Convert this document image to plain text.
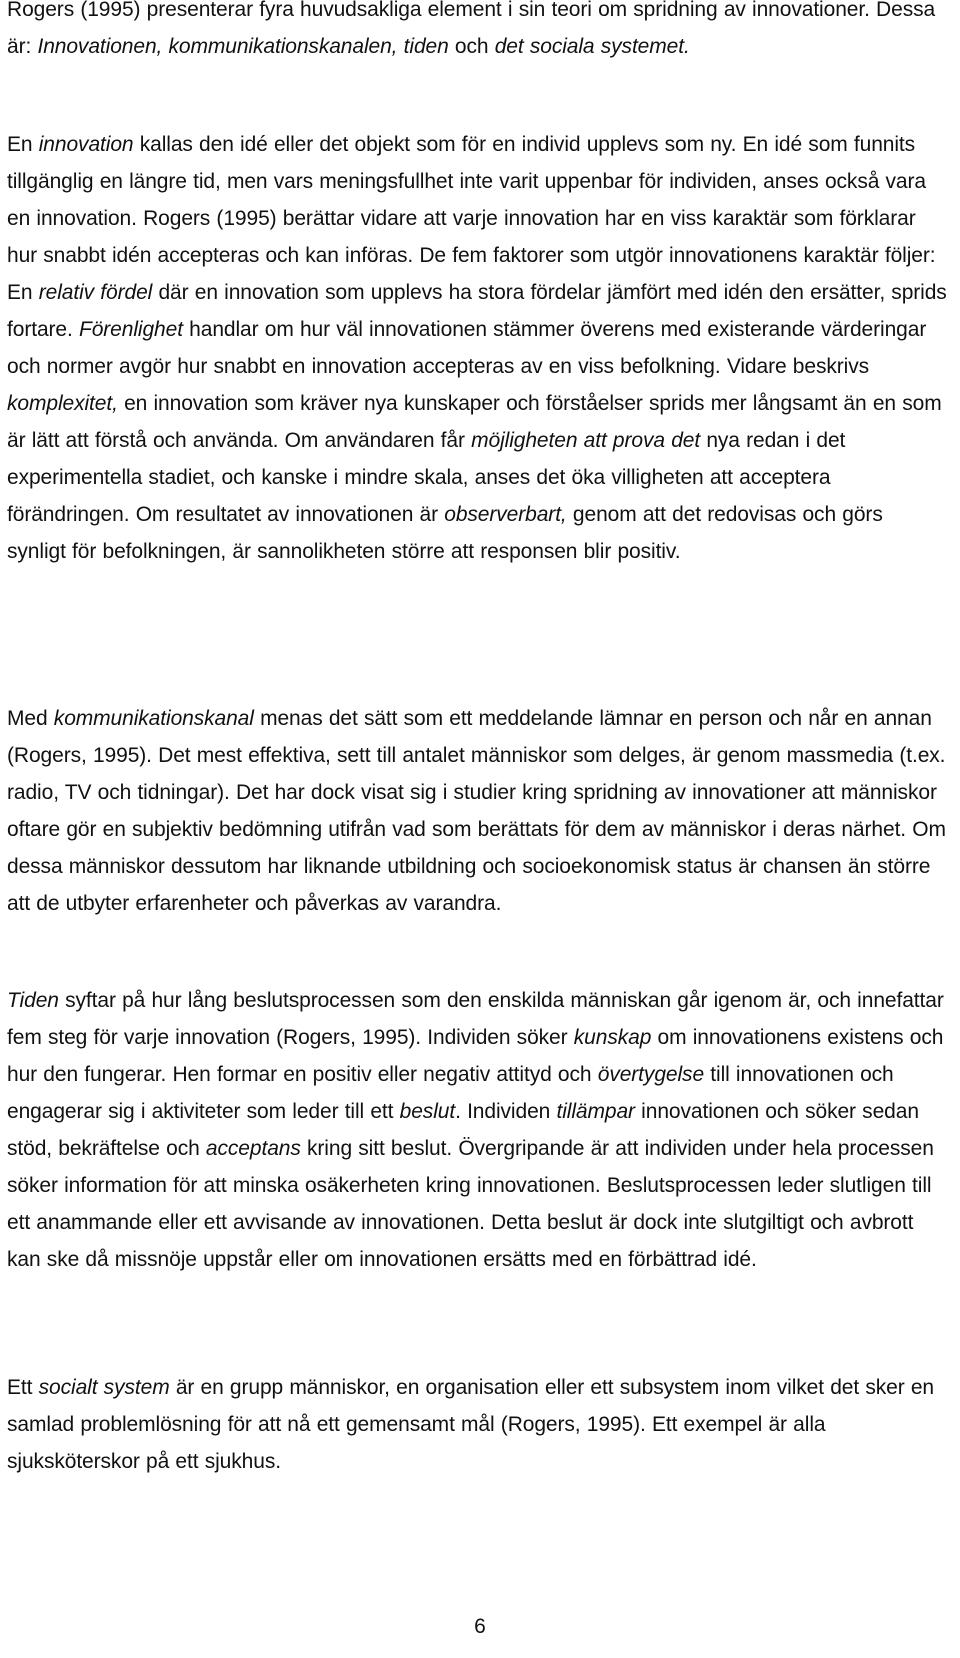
Rogers (1995) presenterar fyra huvudsakliga element i sin teori om spridning av innovationer. Dessa är: Innovationen, kommunikationskanalen, tiden och det sociala systemet.

En innovation kallas den idé eller det objekt som för en individ upplevs som ny. En idé som funnits tillgänglig en längre tid, men vars meningsfullhet inte varit uppenbar för individen, anses också vara en innovation. Rogers (1995) berättar vidare att varje innovation har en viss karaktär som förklarar hur snabbt idén accepteras och kan införas. De fem faktorer som utgör innovationens karaktär följer: En relativ fördel där en innovation som upplevs ha stora fördelar jämfört med idén den ersätter, sprids fortare. Förenlighet handlar om hur väl innovationen stämmer överens med existerande värderingar och normer avgör hur snabbt en innovation accepteras av en viss befolkning. Vidare beskrivs komplexitet, en innovation som kräver nya kunskaper och förståelser sprids mer långsamt än en som är lätt att förstå och använda. Om användaren får möjligheten att prova det nya redan i det experimentella stadiet, och kanske i mindre skala, anses det öka villigheten att acceptera förändringen. Om resultatet av innovationen är observerbart, genom att det redovisas och görs synligt för befolkningen, är sannolikheten större att responsen blir positiv.

Med kommunikationskanal menas det sätt som ett meddelande lämnar en person och når en annan (Rogers, 1995). Det mest effektiva, sett till antalet människor som delges, är genom massmedia (t.ex. radio, TV och tidningar). Det har dock visat sig i studier kring spridning av innovationer att människor oftare gör en subjektiv bedömning utifrån vad som berättats för dem av människor i deras närhet. Om dessa människor dessutom har liknande utbildning och socioekonomisk status är chansen än större att de utbyter erfarenheter och påverkas av varandra.

Tiden syftar på hur lång beslutsprocessen som den enskilda människan går igenom är, och innefattar fem steg för varje innovation (Rogers, 1995). Individen söker kunskap om innovationens existens och hur den fungerar. Hen formar en positiv eller negativ attityd och övertygelse till innovationen och engagerar sig i aktiviteter som leder till ett beslut. Individen tillämpar innovationen och söker sedan stöd, bekräftelse och acceptans kring sitt beslut. Övergripande är att individen under hela processen söker information för att minska osäkerheten kring innovationen. Beslutsprocessen leder slutligen till ett anammande eller ett avvisande av innovationen. Detta beslut är dock inte slutgiltigt och avbrott kan ske då missnöje uppstår eller om innovationen ersätts med en förbättrad idé.

Ett socialt system är en grupp människor, en organisation eller ett subsystem inom vilket det sker en samlad problemlösning för att nå ett gemensamt mål (Rogers, 1995). Ett exempel är alla sjuksköterskor på ett sjukhus.

6
